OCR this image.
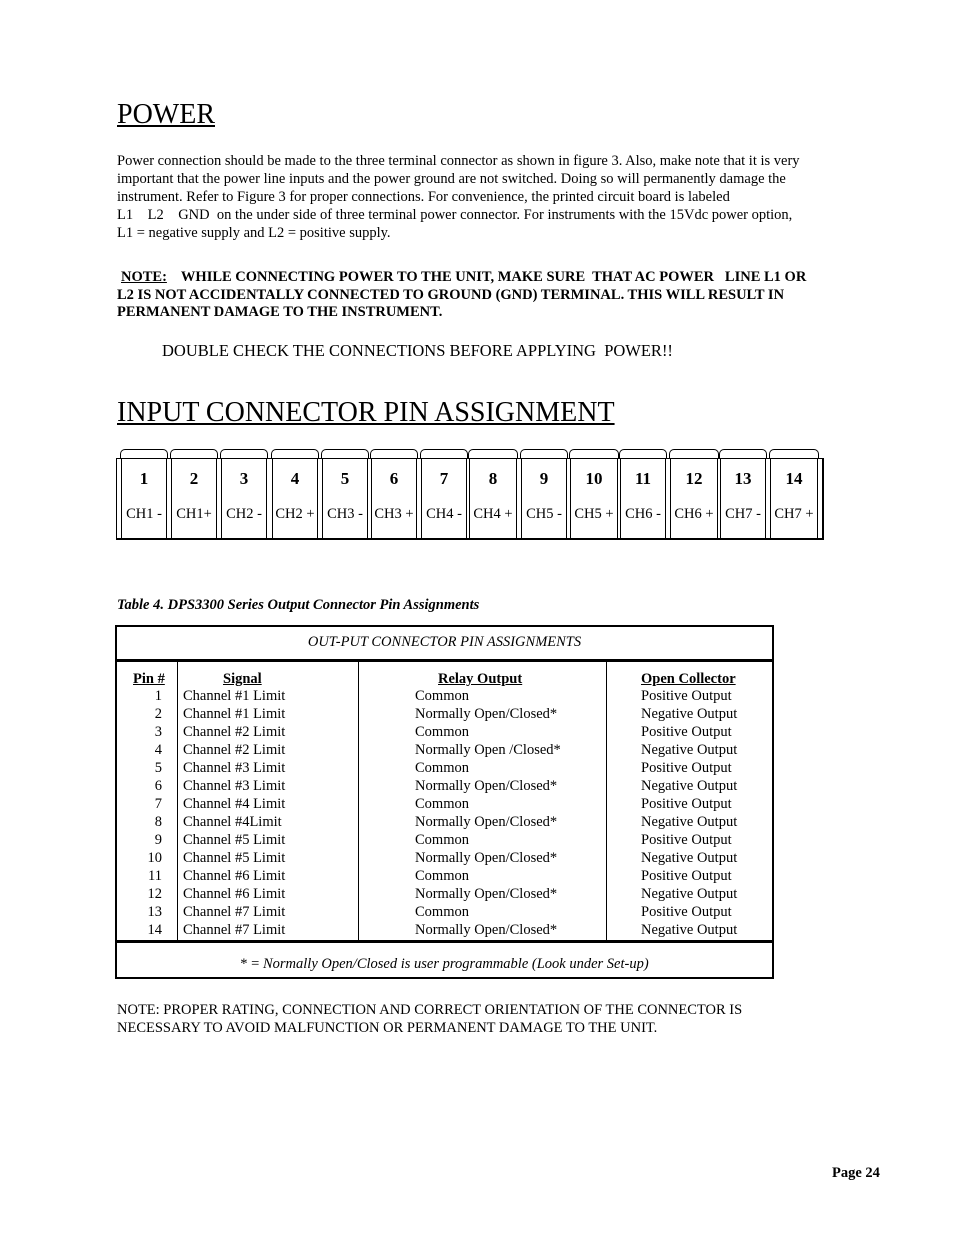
POWER
Power connection should be made to the three terminal connector as shown in figure 3. Also, make note that it is very
important that the power line inputs and the power ground are not switched. Doing so will permanently damage the
instrument. Refer to Figure 3 for proper connections. For convenience, the printed circuit board is labeled
L1    L2    GND  on the under side of three terminal power connector. For instruments with the 15Vdc power option,
L1 = negative supply and L2 = positive supply.
NOTE: WHILE CONNECTING POWER TO THE UNIT, MAKE SURE  THAT AC POWER   LINE L1 OR
L2 IS NOT ACCIDENTALLY CONNECTED TO GROUND (GND) TERMINAL. THIS WILL RESULT IN
PERMANENT DAMAGE TO THE INSTRUMENT.
DOUBLE CHECK THE CONNECTIONS BEFORE APPLYING  POWER!!
INPUT CONNECTOR PIN ASSIGNMENT
1
CH1 -
2
CH1+
3
CH2 -
4
CH2 +
5
CH3 -
6
CH3 +
7
CH4 -
8
CH4 +
9
CH5 -
10
CH5 +
11
CH6 -
12
CH6 +
13
CH7 -
14
CH7 +
Table 4. DPS3300 Series Output Connector Pin Assignments
OUT-PUT CONNECTOR PIN ASSIGNMENTS
Pin #	Signal	Relay Output	Open Collector
1 Channel #1 Limit	Common	Positive Output
2 Channel #1 Limit	Normally Open/Closed*	Negative Output
3 Channel #2 Limit	Common	Positive Output
4 Channel #2 Limit	Normally Open /Closed*	Negative Output
5 Channel #3 Limit	Common	Positive Output
6 Channel #3 Limit	Normally Open/Closed*	Negative Output
7 Channel #4 Limit	Common	Positive Output
8 Channel #4Limit	Normally Open/Closed*	Negative Output
9 Channel #5 Limit	Common	Positive Output
10 Channel #5 Limit	Normally Open/Closed*	Negative Output
11 Channel #6 Limit	Common	Positive Output
12 Channel #6 Limit	Normally Open/Closed*	Negative Output
13 Channel #7 Limit	Common	Positive Output
14 Channel #7 Limit	Normally Open/Closed*	Negative Output
* = Normally Open/Closed is user programmable (Look under Set-up)
NOTE: PROPER RATING, CONNECTION AND CORRECT ORIENTATION OF THE CONNECTOR IS
NECESSARY TO AVOID MALFUNCTION OR PERMANENT DAMAGE TO THE UNIT.
Page 24
